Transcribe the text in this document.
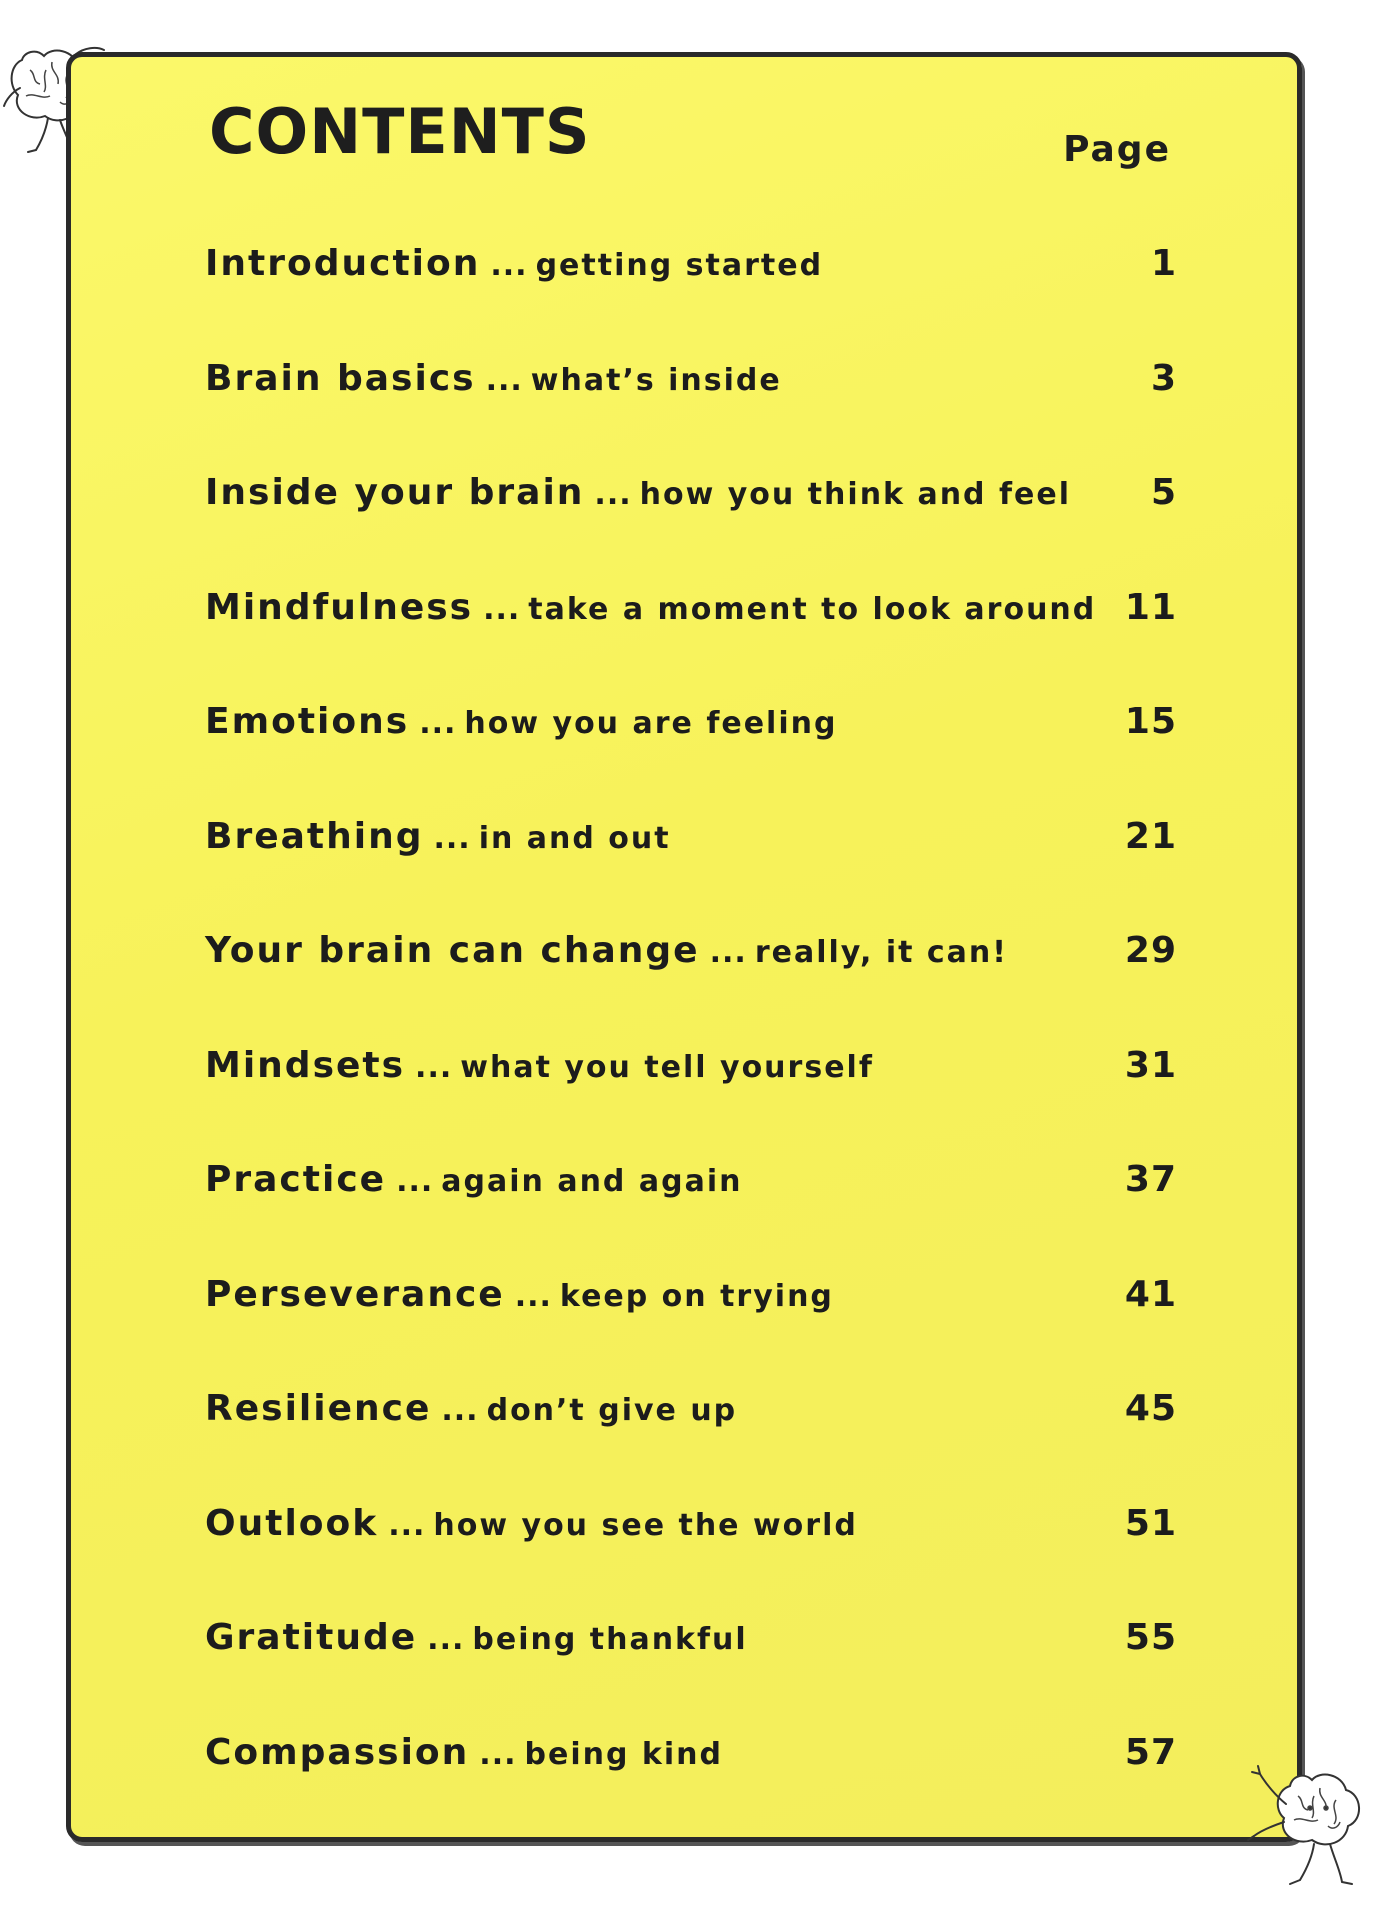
CONTENTS	Page
Introduction ... getting started	1
Brain basics ... what’s inside	3
Inside your brain ... how you think and feel 5
Mindfulness ... take a moment to look around 11
Emotions ... how you are feeling	15
Breathing ... in and out	21
Your brain can change ... really, it can!	29
Mindsets ... what you tell yourself	31
Practice ... again and again	37
Perseverance ... keep on trying	41
Resilience ... don’t give up	45
Outlook ... how you see the world	51
Gratitude ... being thankful	55
Compassion ... being kind	57
